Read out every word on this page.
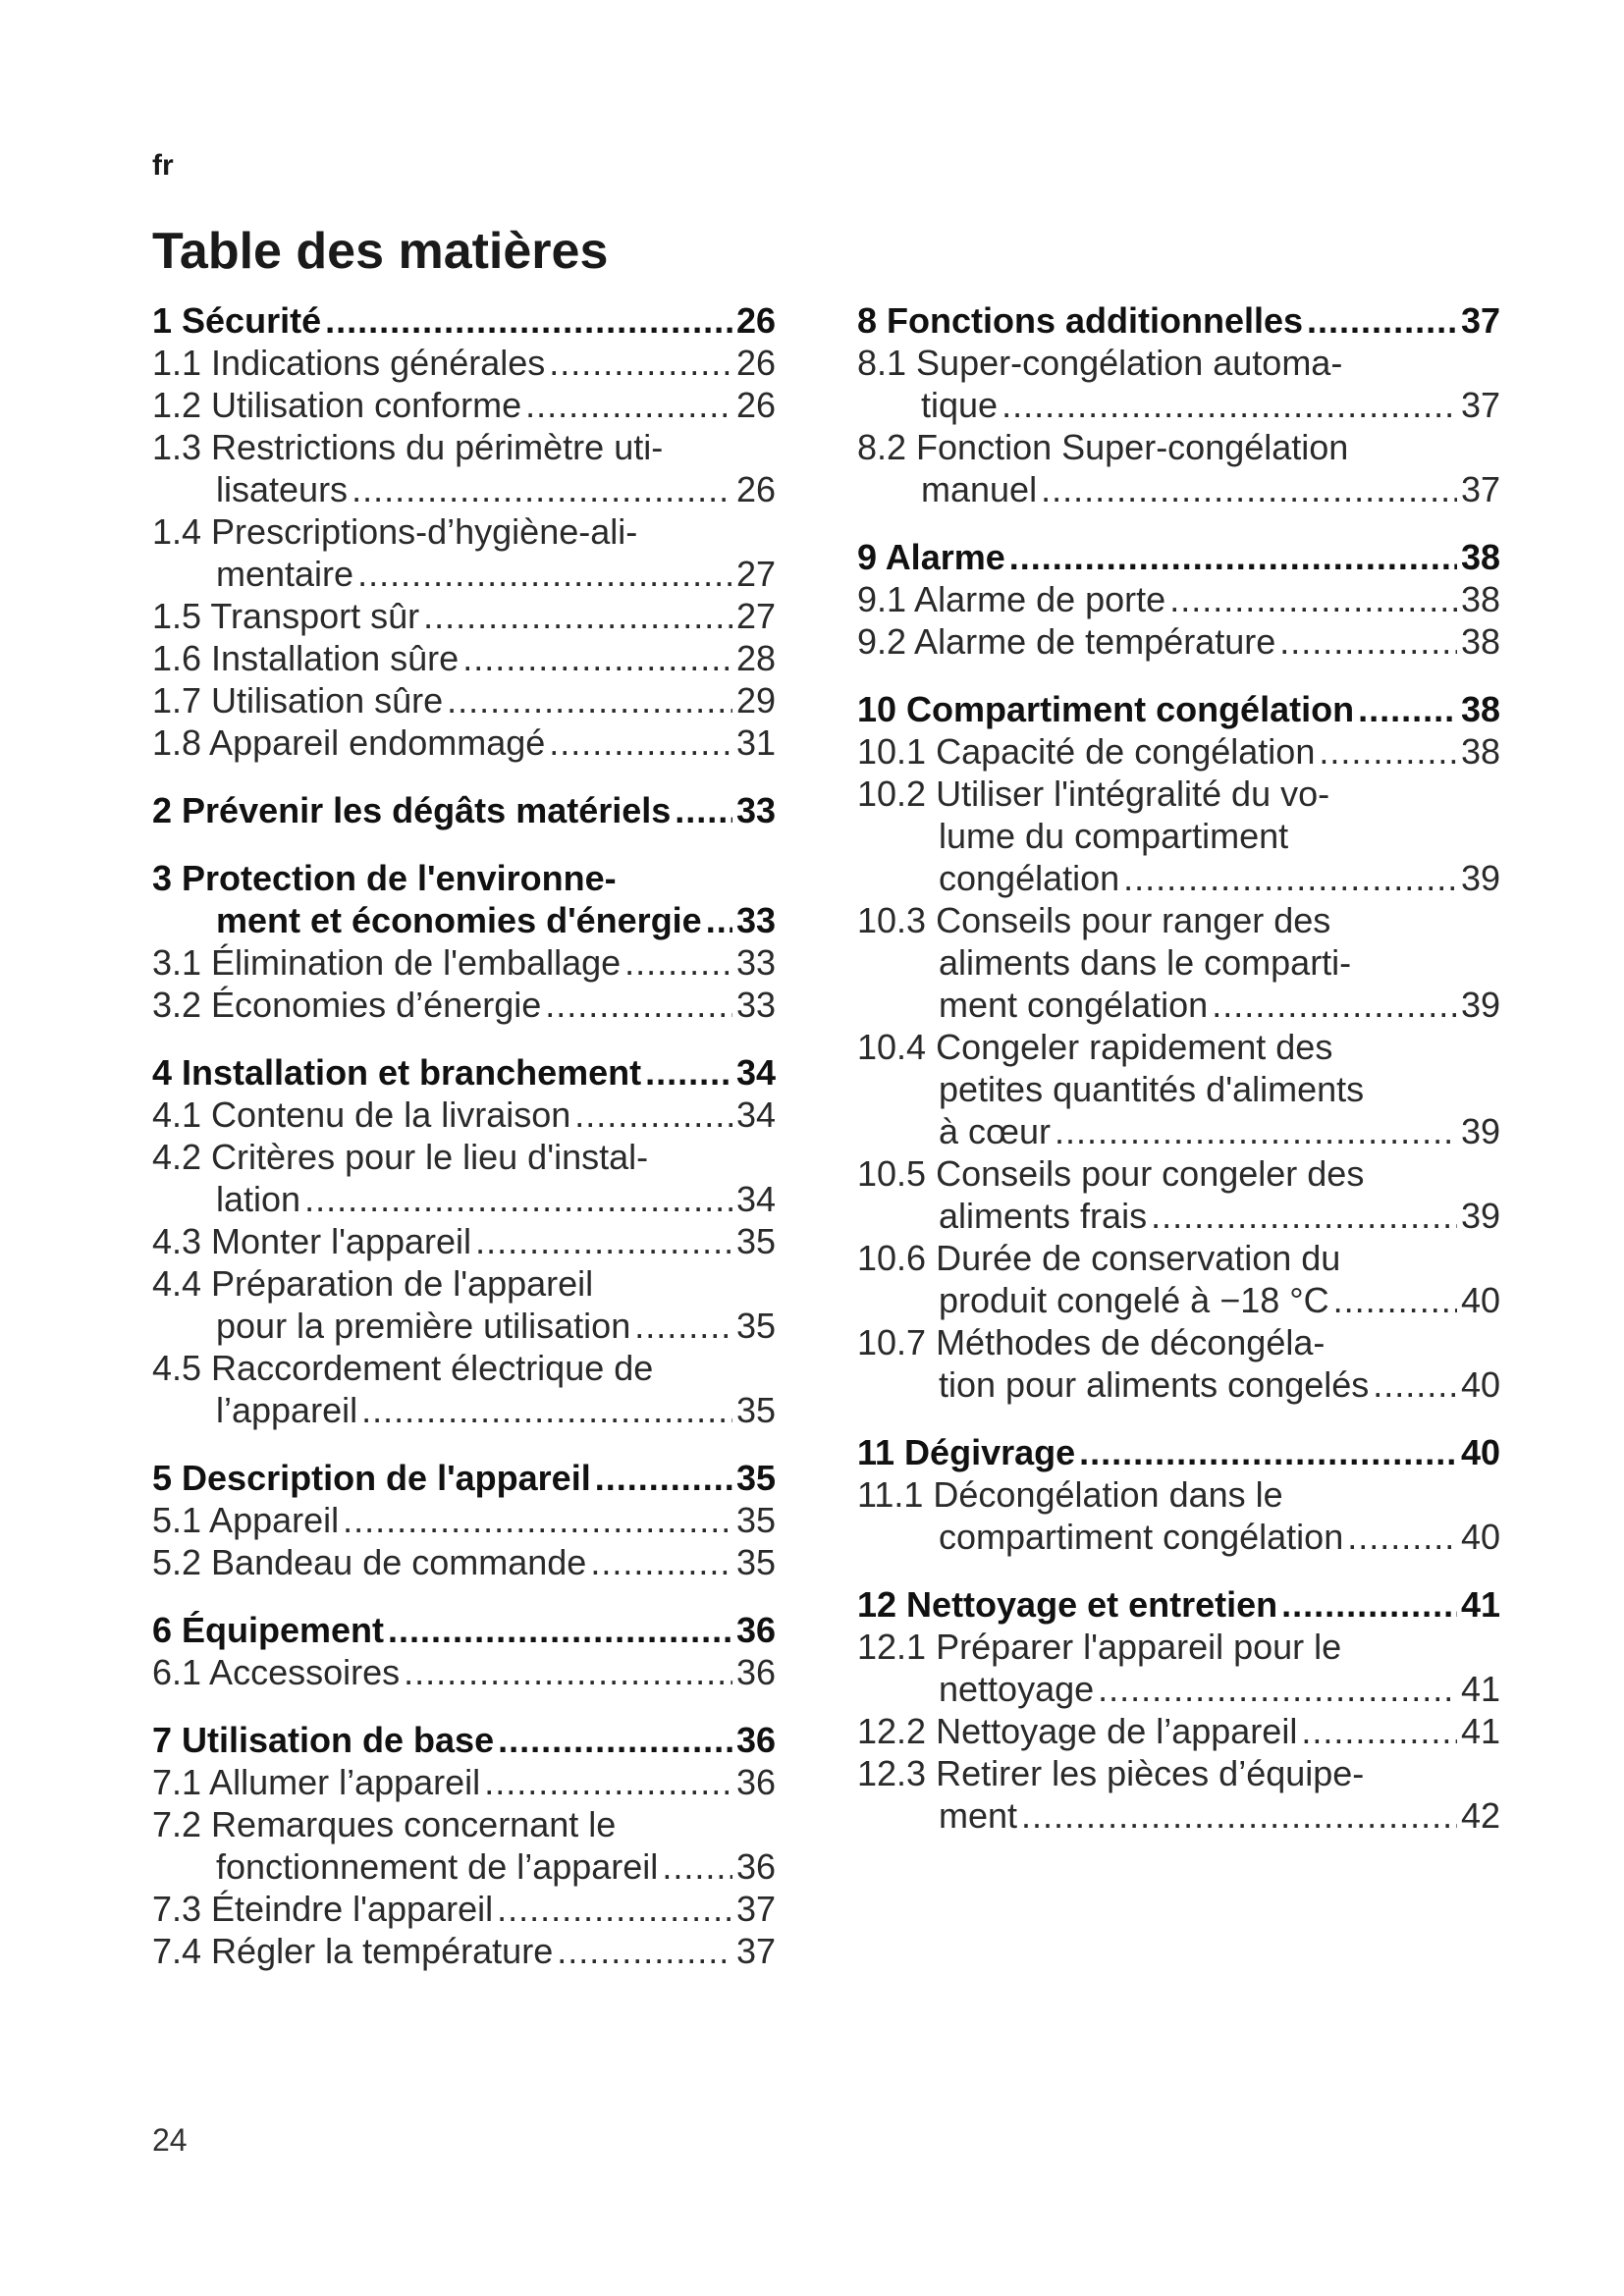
fr
Table des matières
1 Sécurité .....	26
1.1 Indications générales .....	26
1.2 Utilisation conforme .....	26
1.3 Restrictions du périmètre uti-
lisateurs .....	26
1.4 Prescriptions-d’hygiène-ali-
mentaire .....	27
1.5 Transport sûr .....	27
1.6 Installation sûre .....	28
1.7 Utilisation sûre .....	29
1.8 Appareil endommagé .....	31
2 Prévenir les dégâts matériels ..... 33
3 Protection de l'environne-
ment et économies d'énergie ..... 33
3.1 Élimination de l'emballage .....	33
3.2 Économies d’énergie .....	33
4 Installation et branchement .....	34
4.1 Contenu de la livraison .....	34
4.2 Critères pour le lieu d'instal-
lation .....	34
4.3 Monter l'appareil .....	35
4.4 Préparation de l'appareil
pour la première utilisation .....	35
4.5 Raccordement électrique de
l’appareil .....	35
5 Description de l'appareil .....	35
5.1 Appareil .....	35
5.2 Bandeau de commande .....	35
6 Équipement .....	36
6.1 Accessoires .....	36
7 Utilisation de base .....	36
7.1 Allumer l’appareil .....	36
7.2 Remarques concernant le
fonctionnement de l’appareil ..... 36
7.3 Éteindre l'appareil .....	37
7.4 Régler la température .....	37
8 Fonctions additionnelles .....	37
8.1 Super-congélation automa-
tique .....	37
8.2 Fonction Super-congélation
manuel .....	37
9 Alarme .....	38
9.1 Alarme de porte .....	38
9.2 Alarme de température .....	38
10 Compartiment congélation .....	38
10.1 Capacité de congélation .....	38
10.2 Utiliser l'intégralité du vo-
lume du compartiment
congélation .....	39
10.3 Conseils pour ranger des
aliments dans le comparti-
ment congélation .....	39
10.4 Congeler rapidement des
petites quantités d'aliments
à cœur .....	39
10.5 Conseils pour congeler des
aliments frais .....	39
10.6 Durée de conservation du
produit congelé à −18 °C .....	40
10.7 Méthodes de décongéla-
tion pour aliments congelés .....	40
11 Dégivrage .....	40
11.1 Décongélation dans le
compartiment congélation .....	40
12 Nettoyage et entretien .....	41
12.1 Préparer l'appareil pour le
nettoyage .....	41
12.2 Nettoyage de l’appareil .....	41
12.3 Retirer les pièces d’équipe-
ment .....	42
24
